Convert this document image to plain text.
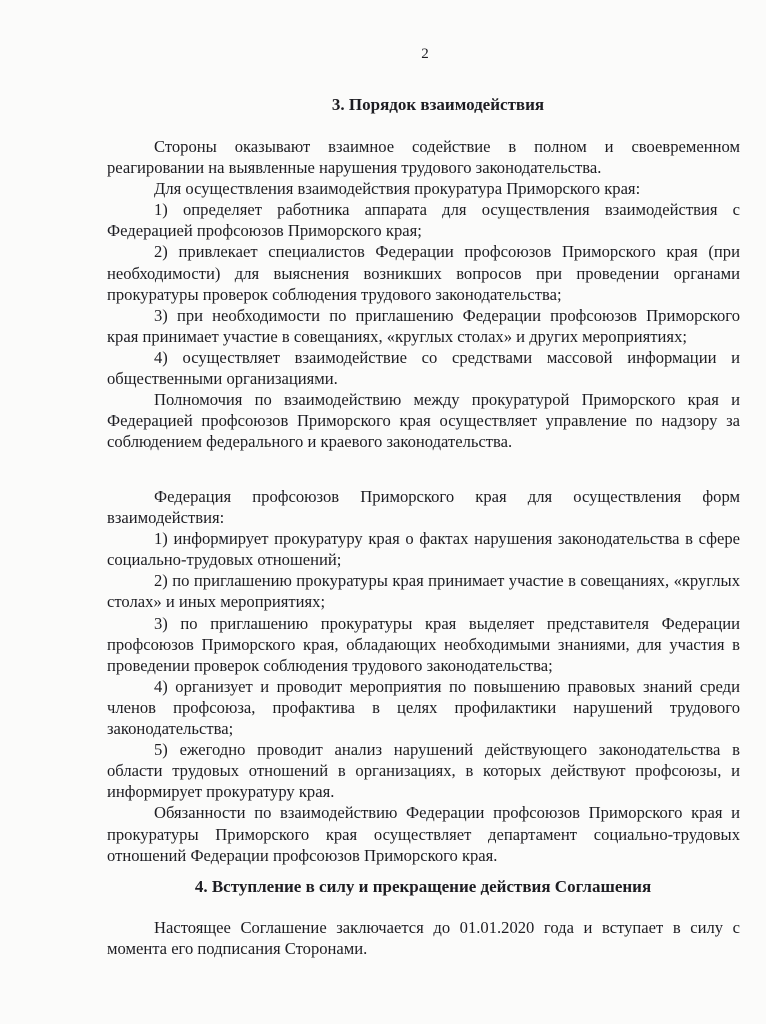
2
3. Порядок взаимодействия

Стороны оказывают взаимное содействие в полном и своевременном реагировании на выявленные нарушения трудового законодательства.

Для осуществления взаимодействия прокуратура Приморского края:

1) определяет работника аппарата для осуществления взаимодействия с Федерацией профсоюзов Приморского края;

2) привлекает специалистов Федерации профсоюзов Приморского края (при необходимости) для выяснения возникших вопросов при проведении органами прокуратуры проверок соблюдения трудового законодательства;

3) при необходимости по приглашению Федерации профсоюзов Приморского края принимает участие в совещаниях, «круглых столах» и других мероприятиях;

4) осуществляет взаимодействие со средствами массовой информации и общественными организациями.

Полномочия по взаимодействию между прокуратурой Приморского края и Федерацией профсоюзов Приморского края осуществляет управление по надзору за соблюдением федерального и краевого законодательства.

Федерация профсоюзов Приморского края для осуществления форм взаимодействия:

1) информирует прокуратуру края о фактах нарушения законодательства в сфере социально-трудовых отношений;

2) по приглашению прокуратуры края принимает участие в совещаниях, «круглых столах» и иных мероприятиях;

3) по приглашению прокуратуры края выделяет представителя Федерации профсоюзов Приморского края, обладающих необходимыми знаниями, для участия в проведении проверок соблюдения трудового законодательства;

4) организует и проводит мероприятия по повышению правовых знаний среди членов профсоюза, профактива в целях профилактики нарушений трудового законодательства;

5) ежегодно проводит анализ нарушений действующего законодательства в области трудовых отношений в организациях, в которых действуют профсоюзы, и информирует прокуратуру края.

Обязанности по взаимодействию Федерации профсоюзов Приморского края и прокуратуры Приморского края осуществляет департамент социально-трудовых отношений Федерации профсоюзов Приморского края.

4. Вступление в силу и прекращение действия Соглашения

Настоящее Соглашение заключается до 01.01.2020 года и вступает в силу с момента его подписания Сторонами.
